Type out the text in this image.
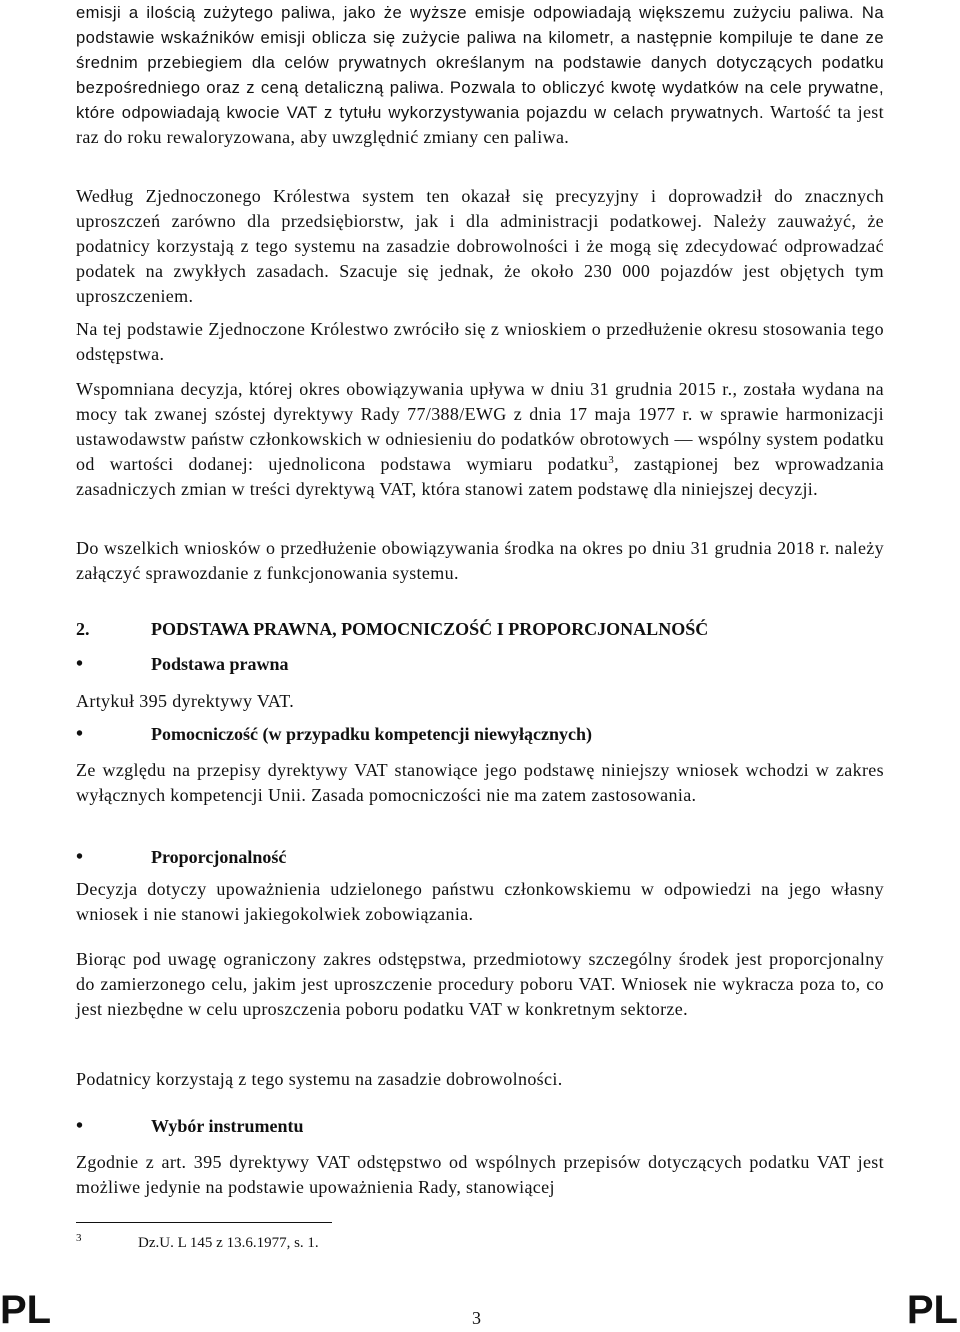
emisji a ilością zużytego paliwa, jako że wyższe emisje odpowiadają większemu zużyciu paliwa. Na podstawie wskaźników emisji oblicza się zużycie paliwa na kilometr, a następnie kompiluje te dane ze średnim przebiegiem dla celów prywatnych określanym na podstawie danych dotyczących podatku bezpośredniego oraz z ceną detaliczną paliwa. Pozwala to obliczyć kwotę wydatków na cele prywatne, które odpowiadają kwocie VAT z tytułu wykorzystywania pojazdu w celach prywatnych. Wartość ta jest raz do roku rewaloryzowana, aby uwzględnić zmiany cen paliwa.

Według Zjednoczonego Królestwa system ten okazał się precyzyjny i doprowadził do znacznych uproszczeń zarówno dla przedsiębiorstw, jak i dla administracji podatkowej. Należy zauważyć, że podatnicy korzystają z tego systemu na zasadzie dobrowolności i że mogą się zdecydować odprowadzać podatek na zwykłych zasadach. Szacuje się jednak, że około 230 000 pojazdów jest objętych tym uproszczeniem.

Na tej podstawie Zjednoczone Królestwo zwróciło się z wnioskiem o przedłużenie okresu stosowania tego odstępstwa.

Wspomniana decyzja, której okres obowiązywania upływa w dniu 31 grudnia 2015 r., została wydana na mocy tak zwanej szóstej dyrektywy Rady 77/388/EWG z dnia 17 maja 1977 r. w sprawie harmonizacji ustawodawstw państw członkowskich w odniesieniu do podatków obrotowych — wspólny system podatku od wartości dodanej: ujednolicona podstawa wymiaru podatku$^3$, zastąpionej bez wprowadzania zasadniczych zmian w treści dyrektywą VAT, która stanowi zatem podstawę dla niniejszej decyzji.

Do wszelkich wniosków o przedłużenie obowiązywania środka na okres po dniu 31 grudnia 2018 r. należy załączyć sprawozdanie z funkcjonowania systemu.

2.	PODSTAWA PRAWNA, POMOCNICZOŚĆ I PROPORCJONALNOŚĆ
•	Podstawa prawna

Artykuł 395 dyrektywy VAT.

•	Pomocniczość (w przypadku kompetencji niewyłącznych)

Ze względu na przepisy dyrektywy VAT stanowiące jego podstawę niniejszy wniosek wchodzi w zakres wyłącznych kompetencji Unii. Zasada pomocniczości nie ma zatem zastosowania.

•	Proporcjonalność

Decyzja dotyczy upoważnienia udzielonego państwu członkowskiemu w odpowiedzi na jego własny wniosek i nie stanowi jakiegokolwiek zobowiązania.

Biorąc pod uwagę ograniczony zakres odstępstwa, przedmiotowy szczególny środek jest proporcjonalny do zamierzonego celu, jakim jest uproszczenie procedury poboru VAT. Wniosek nie wykracza poza to, co jest niezbędne w celu uproszczenia poboru podatku VAT w konkretnym sektorze.

Podatnicy korzystają z tego systemu na zasadzie dobrowolności.

•	Wybór instrumentu

Zgodnie z art. 395 dyrektywy VAT odstępstwo od wspólnych przepisów dotyczących podatku VAT jest możliwe jedynie na podstawie upoważnienia Rady, stanowiącej

3	Dz.U. L 145 z 13.6.1977, s. 1.
PL	3	PL
